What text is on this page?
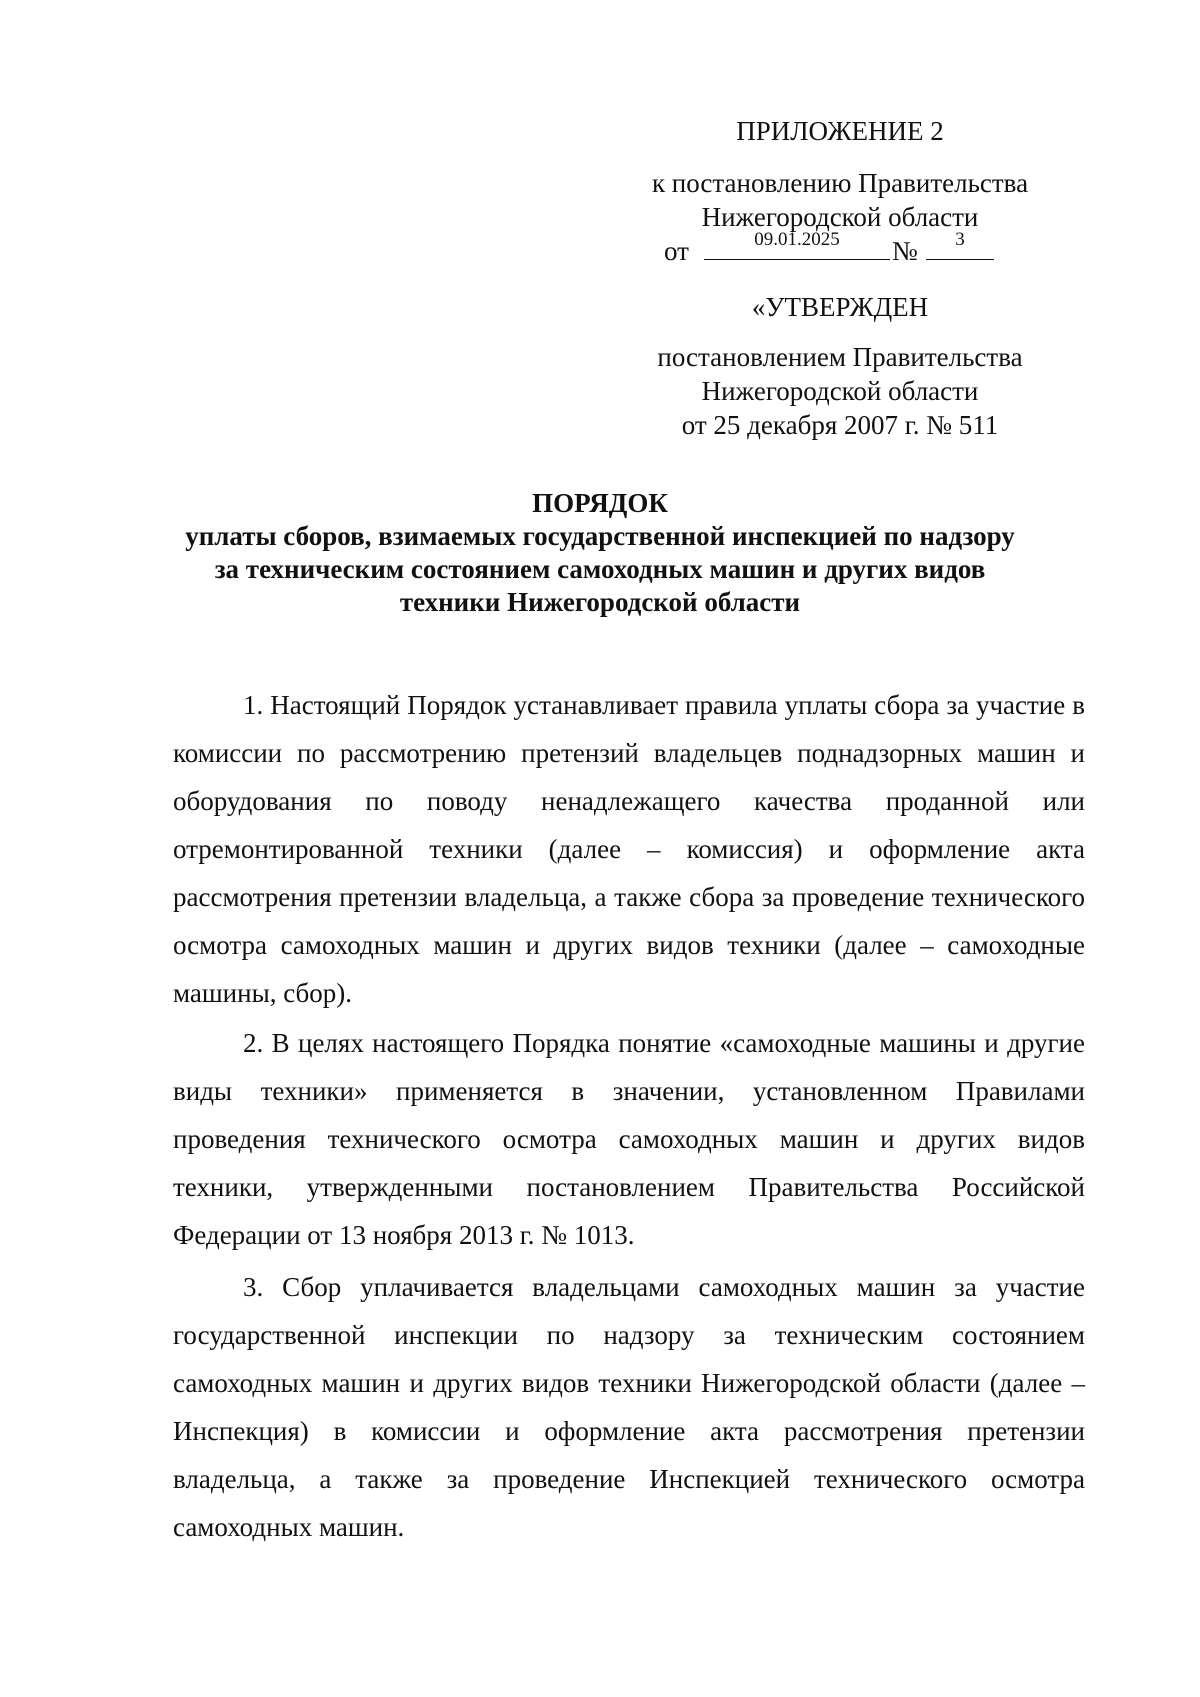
ПРИЛОЖЕНИЕ 2
к постановлению Правительства
Нижегородской области
от	09.01.2025	№	3
«УТВЕРЖДЕН
постановлением Правительства
Нижегородской области
от 25 декабря 2007 г. № 511
ПОРЯДОК
уплаты сборов, взимаемых государственной инспекцией по надзору
за техническим состоянием самоходных машин и других видов
техники Нижегородской области

1. Настоящий Порядок устанавливает правила уплаты сбора за участие в комиссии по рассмотрению претензий владельцев поднадзорных машин и оборудования по поводу ненадлежащего качества проданной или отремонтированной техники (далее – комиссия) и оформление акта рассмотрения претензии владельца, а также сбора за проведение технического осмотра самоходных машин и других видов техники (далее – самоходные машины, сбор).

2. В целях настоящего Порядка понятие «самоходные машины и другие виды техники» применяется в значении, установленном Правилами проведения технического осмотра самоходных машин и других видов техники, утвержденными постановлением Правительства Российской Федерации от 13 ноября 2013 г. № 1013.

3. Сбор уплачивается владельцами самоходных машин за участие государственной инспекции по надзору за техническим состоянием самоходных машин и других видов техники Нижегородской области (далее – Инспекция) в комиссии и оформление акта рассмотрения претензии владельца, а также за проведение Инспекцией технического осмотра самоходных машин.
